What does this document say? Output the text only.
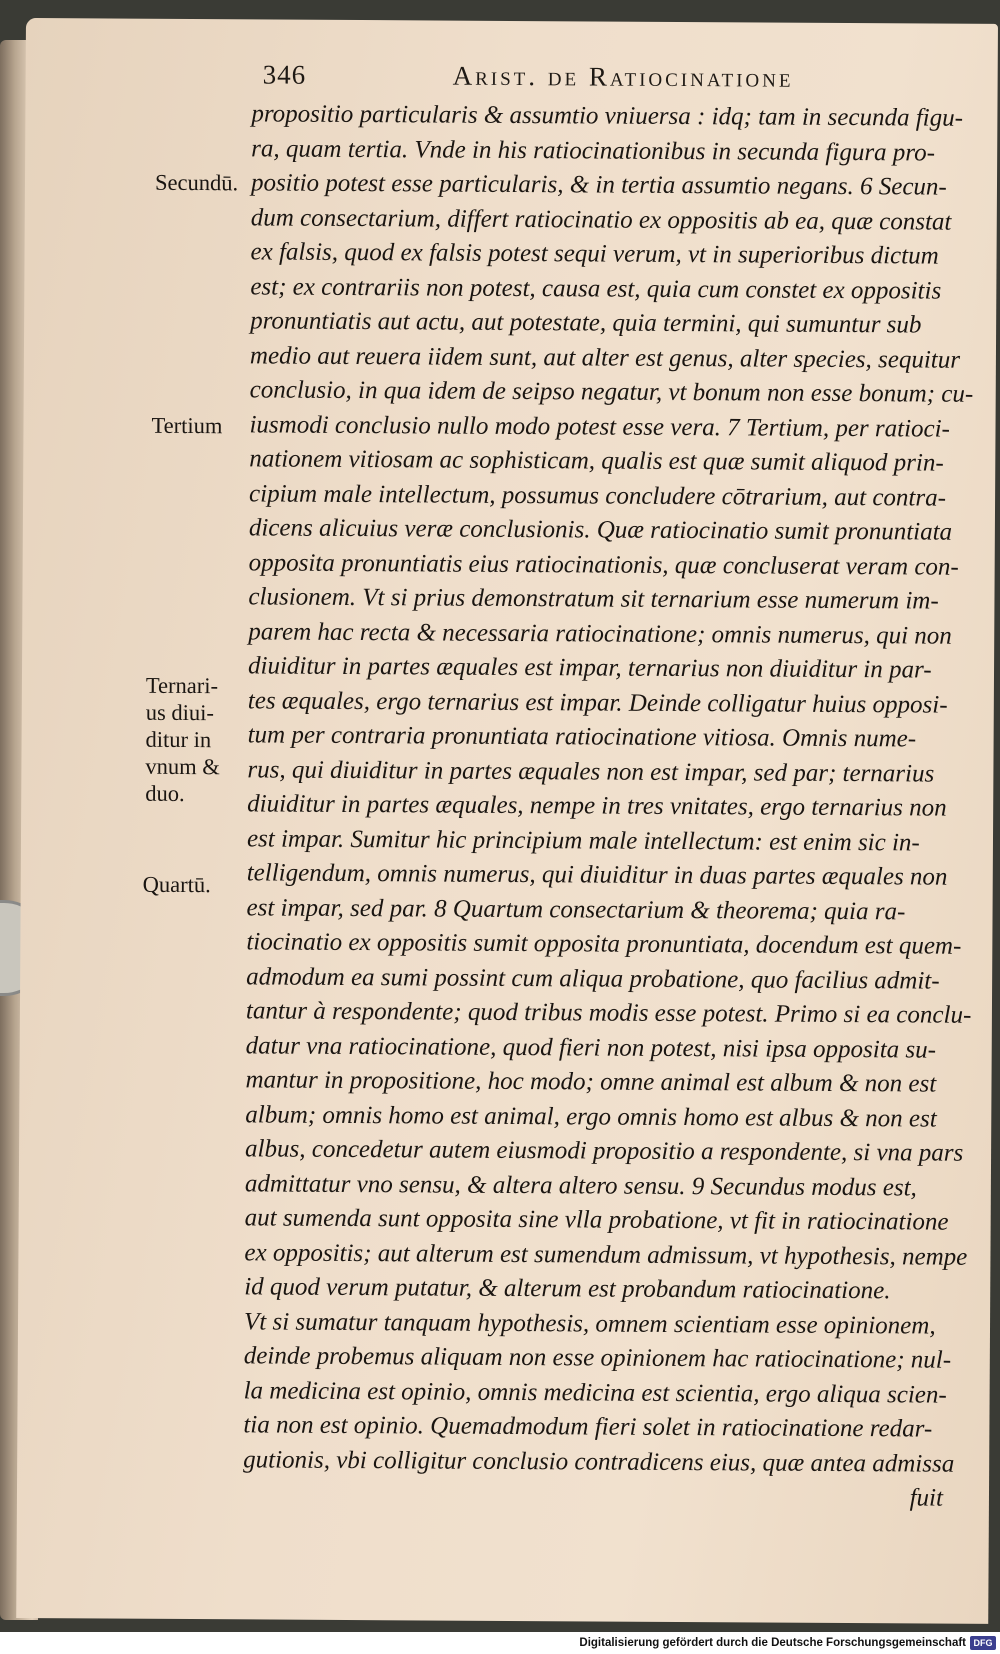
346	Arist. de Ratiocinatione
Secundū.
Tertium
Ternari-
us diui-
ditur in
vnum &
duo.
Quartū.
propositio particularis & assumtio vniuersa : idq; tam in secunda figu-
ra, quam tertia. Vnde in his ratiocinationibus in secunda figura pro-
positio potest esse particularis, & in tertia assumtio negans. 6 Secun-
dum consectarium, differt ratiocinatio ex oppositis ab ea, quæ constat
ex falsis, quod ex falsis potest sequi verum, vt in superioribus dictum
est; ex contrariis non potest, causa est, quia cum constet ex oppositis
pronuntiatis aut actu, aut potestate, quia termini, qui sumuntur sub
medio aut reuera iidem sunt, aut alter est genus, alter species, sequitur
conclusio, in qua idem de seipso negatur, vt bonum non esse bonum; cu-
iusmodi conclusio nullo modo potest esse vera. 7 Tertium, per ratioci-
nationem vitiosam ac sophisticam, qualis est quæ sumit aliquod prin-
cipium male intellectum, possumus concludere cōtrarium, aut contra-
dicens alicuius veræ conclusionis. Quæ ratiocinatio sumit pronuntiata
opposita pronuntiatis eius ratiocinationis, quæ concluserat veram con-
clusionem. Vt si prius demonstratum sit ternarium esse numerum im-
parem hac recta & necessaria ratiocinatione; omnis numerus, qui non
diuiditur in partes æquales est impar, ternarius non diuiditur in par-
tes æquales, ergo ternarius est impar. Deinde colligatur huius opposi-
tum per contraria pronuntiata ratiocinatione vitiosa. Omnis nume-
rus, qui diuiditur in partes æquales non est impar, sed par; ternarius
diuiditur in partes æquales, nempe in tres vnitates, ergo ternarius non
est impar. Sumitur hic principium male intellectum: est enim sic in-
telligendum, omnis numerus, qui diuiditur in duas partes æquales non
est impar, sed par. 8 Quartum consectarium & theorema; quia ra-
tiocinatio ex oppositis sumit opposita pronuntiata, docendum est quem-
admodum ea sumi possint cum aliqua probatione, quo facilius admit-
tantur à respondente; quod tribus modis esse potest. Primo si ea conclu-
datur vna ratiocinatione, quod fieri non potest, nisi ipsa opposita su-
mantur in propositione, hoc modo; omne animal est album & non est
album; omnis homo est animal, ergo omnis homo est albus & non est
albus, concedetur autem eiusmodi propositio a respondente, si vna pars
admittatur vno sensu, & altera altero sensu. 9 Secundus modus est,
aut sumenda sunt opposita sine vlla probatione, vt fit in ratiocinatione
ex oppositis; aut alterum est sumendum admissum, vt hypothesis, nempe
id quod verum putatur, & alterum est probandum ratiocinatione.
Vt si sumatur tanquam hypothesis, omnem scientiam esse opinionem,
deinde probemus aliquam non esse opinionem hac ratiocinatione; nul-
la medicina est opinio, omnis medicina est scientia, ergo aliqua scien-
tia non est opinio. Quemadmodum fieri solet in ratiocinatione redar-
gutionis, vbi colligitur conclusio contradicens eius, quæ antea admissa
fuit
Digitalisierung gefördert durch die Deutsche Forschungsgemeinschaft DFG
